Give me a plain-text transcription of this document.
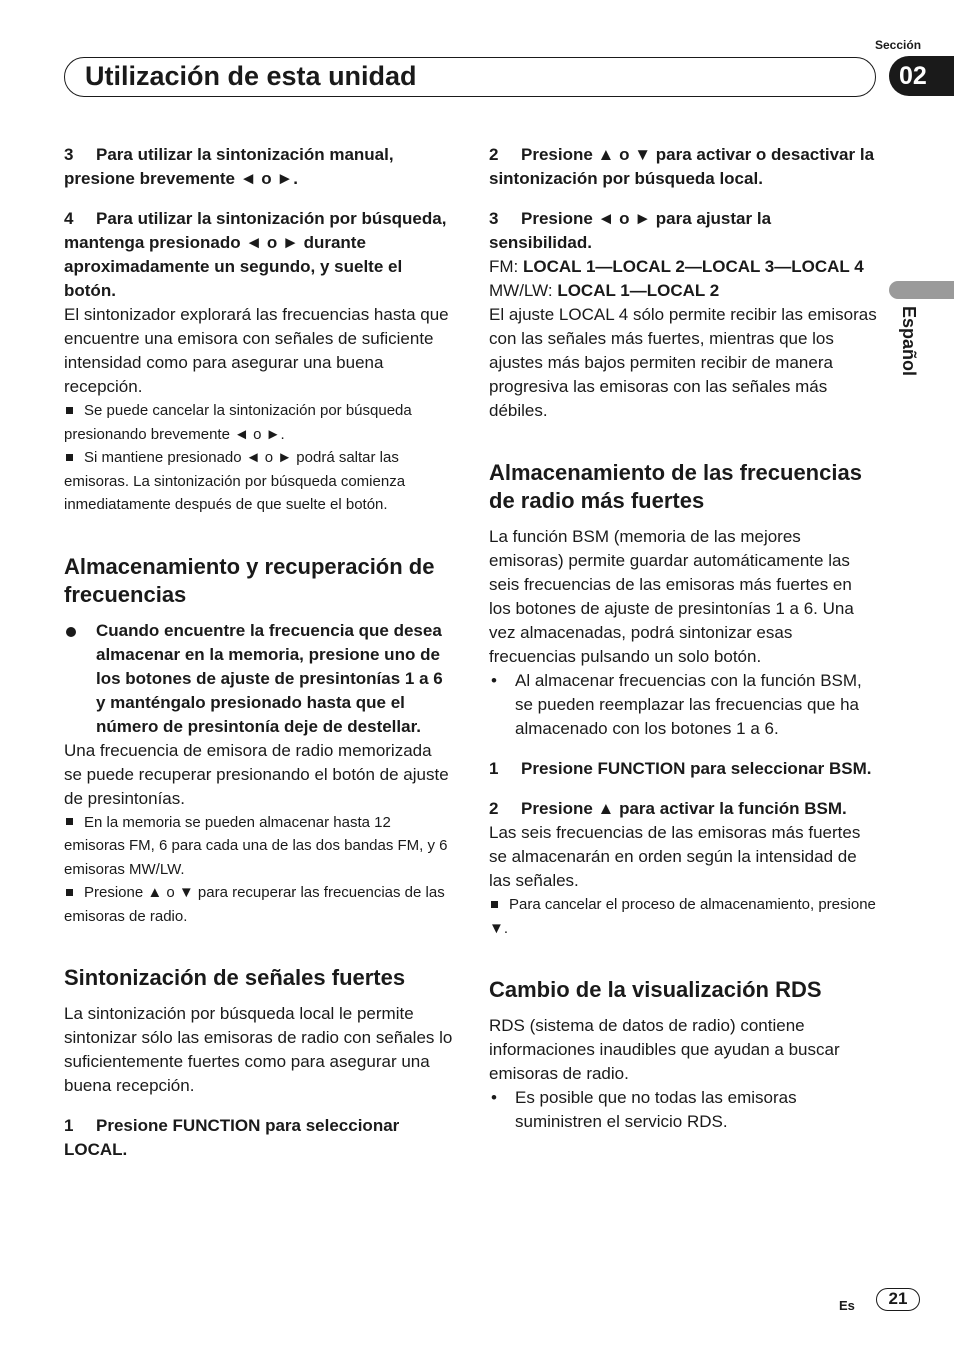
Sección
02
Utilización de esta unidad
Español

3 Para utilizar la sintonización manual, presione brevemente ◄ o ►.

4 Para utilizar la sintonización por búsqueda, mantenga presionado ◄ o ► durante aproximadamente un segundo, y suelte el botón.

El sintonizador explorará las frecuencias hasta que encuentre una emisora con señales de suficiente intensidad como para asegurar una buena recepción.

Se puede cancelar la sintonización por búsqueda presionando brevemente ◄ o ►.

Si mantiene presionado ◄ o ► podrá saltar las emisoras. La sintonización por búsqueda comienza inmediatamente después de que suelte el botón.

Almacenamiento y recuperación de frecuencias

Cuando encuentre la frecuencia que desea almacenar en la memoria, presione uno de los botones de ajuste de presintonías 1 a 6 y manténgalo presionado hasta que el número de presintonía deje de destellar.

Una frecuencia de emisora de radio memorizada se puede recuperar presionando el botón de ajuste de presintonías.

En la memoria se pueden almacenar hasta 12 emisoras FM, 6 para cada una de las dos bandas FM, y 6 emisoras MW/LW.

Presione ▲ o ▼ para recuperar las frecuencias de las emisoras de radio.

Sintonización de señales fuertes

La sintonización por búsqueda local le permite sintonizar sólo las emisoras de radio con señales lo suficientemente fuertes como para asegurar una buena recepción.

1 Presione FUNCTION para seleccionar LOCAL.

2 Presione ▲ o ▼ para activar o desactivar la sintonización por búsqueda local.

3 Presione ◄ o ► para ajustar la sensibilidad.

FM: LOCAL 1—LOCAL 2—LOCAL 3—LOCAL 4

MW/LW: LOCAL 1—LOCAL 2

El ajuste LOCAL 4 sólo permite recibir las emisoras con las señales más fuertes, mientras que los ajustes más bajos permiten recibir de manera progresiva las emisoras con las señales más débiles.

Almacenamiento de las frecuencias de radio más fuertes

La función BSM (memoria de las mejores emisoras) permite guardar automáticamente las seis frecuencias de las emisoras más fuertes en los botones de ajuste de presintonías 1 a 6. Una vez almacenadas, podrá sintonizar esas frecuencias pulsando un solo botón.

• Al almacenar frecuencias con la función BSM, se pueden reemplazar las frecuencias que ha almacenado con los botones 1 a 6.

1 Presione FUNCTION para seleccionar BSM.

2 Presione ▲ para activar la función BSM.

Las seis frecuencias de las emisoras más fuertes se almacenarán en orden según la intensidad de las señales.

Para cancelar el proceso de almacenamiento, presione ▼.

Cambio de la visualización RDS

RDS (sistema de datos de radio) contiene informaciones inaudibles que ayudan a buscar emisoras de radio.

• Es posible que no todas las emisoras suministren el servicio RDS.

Es	21
